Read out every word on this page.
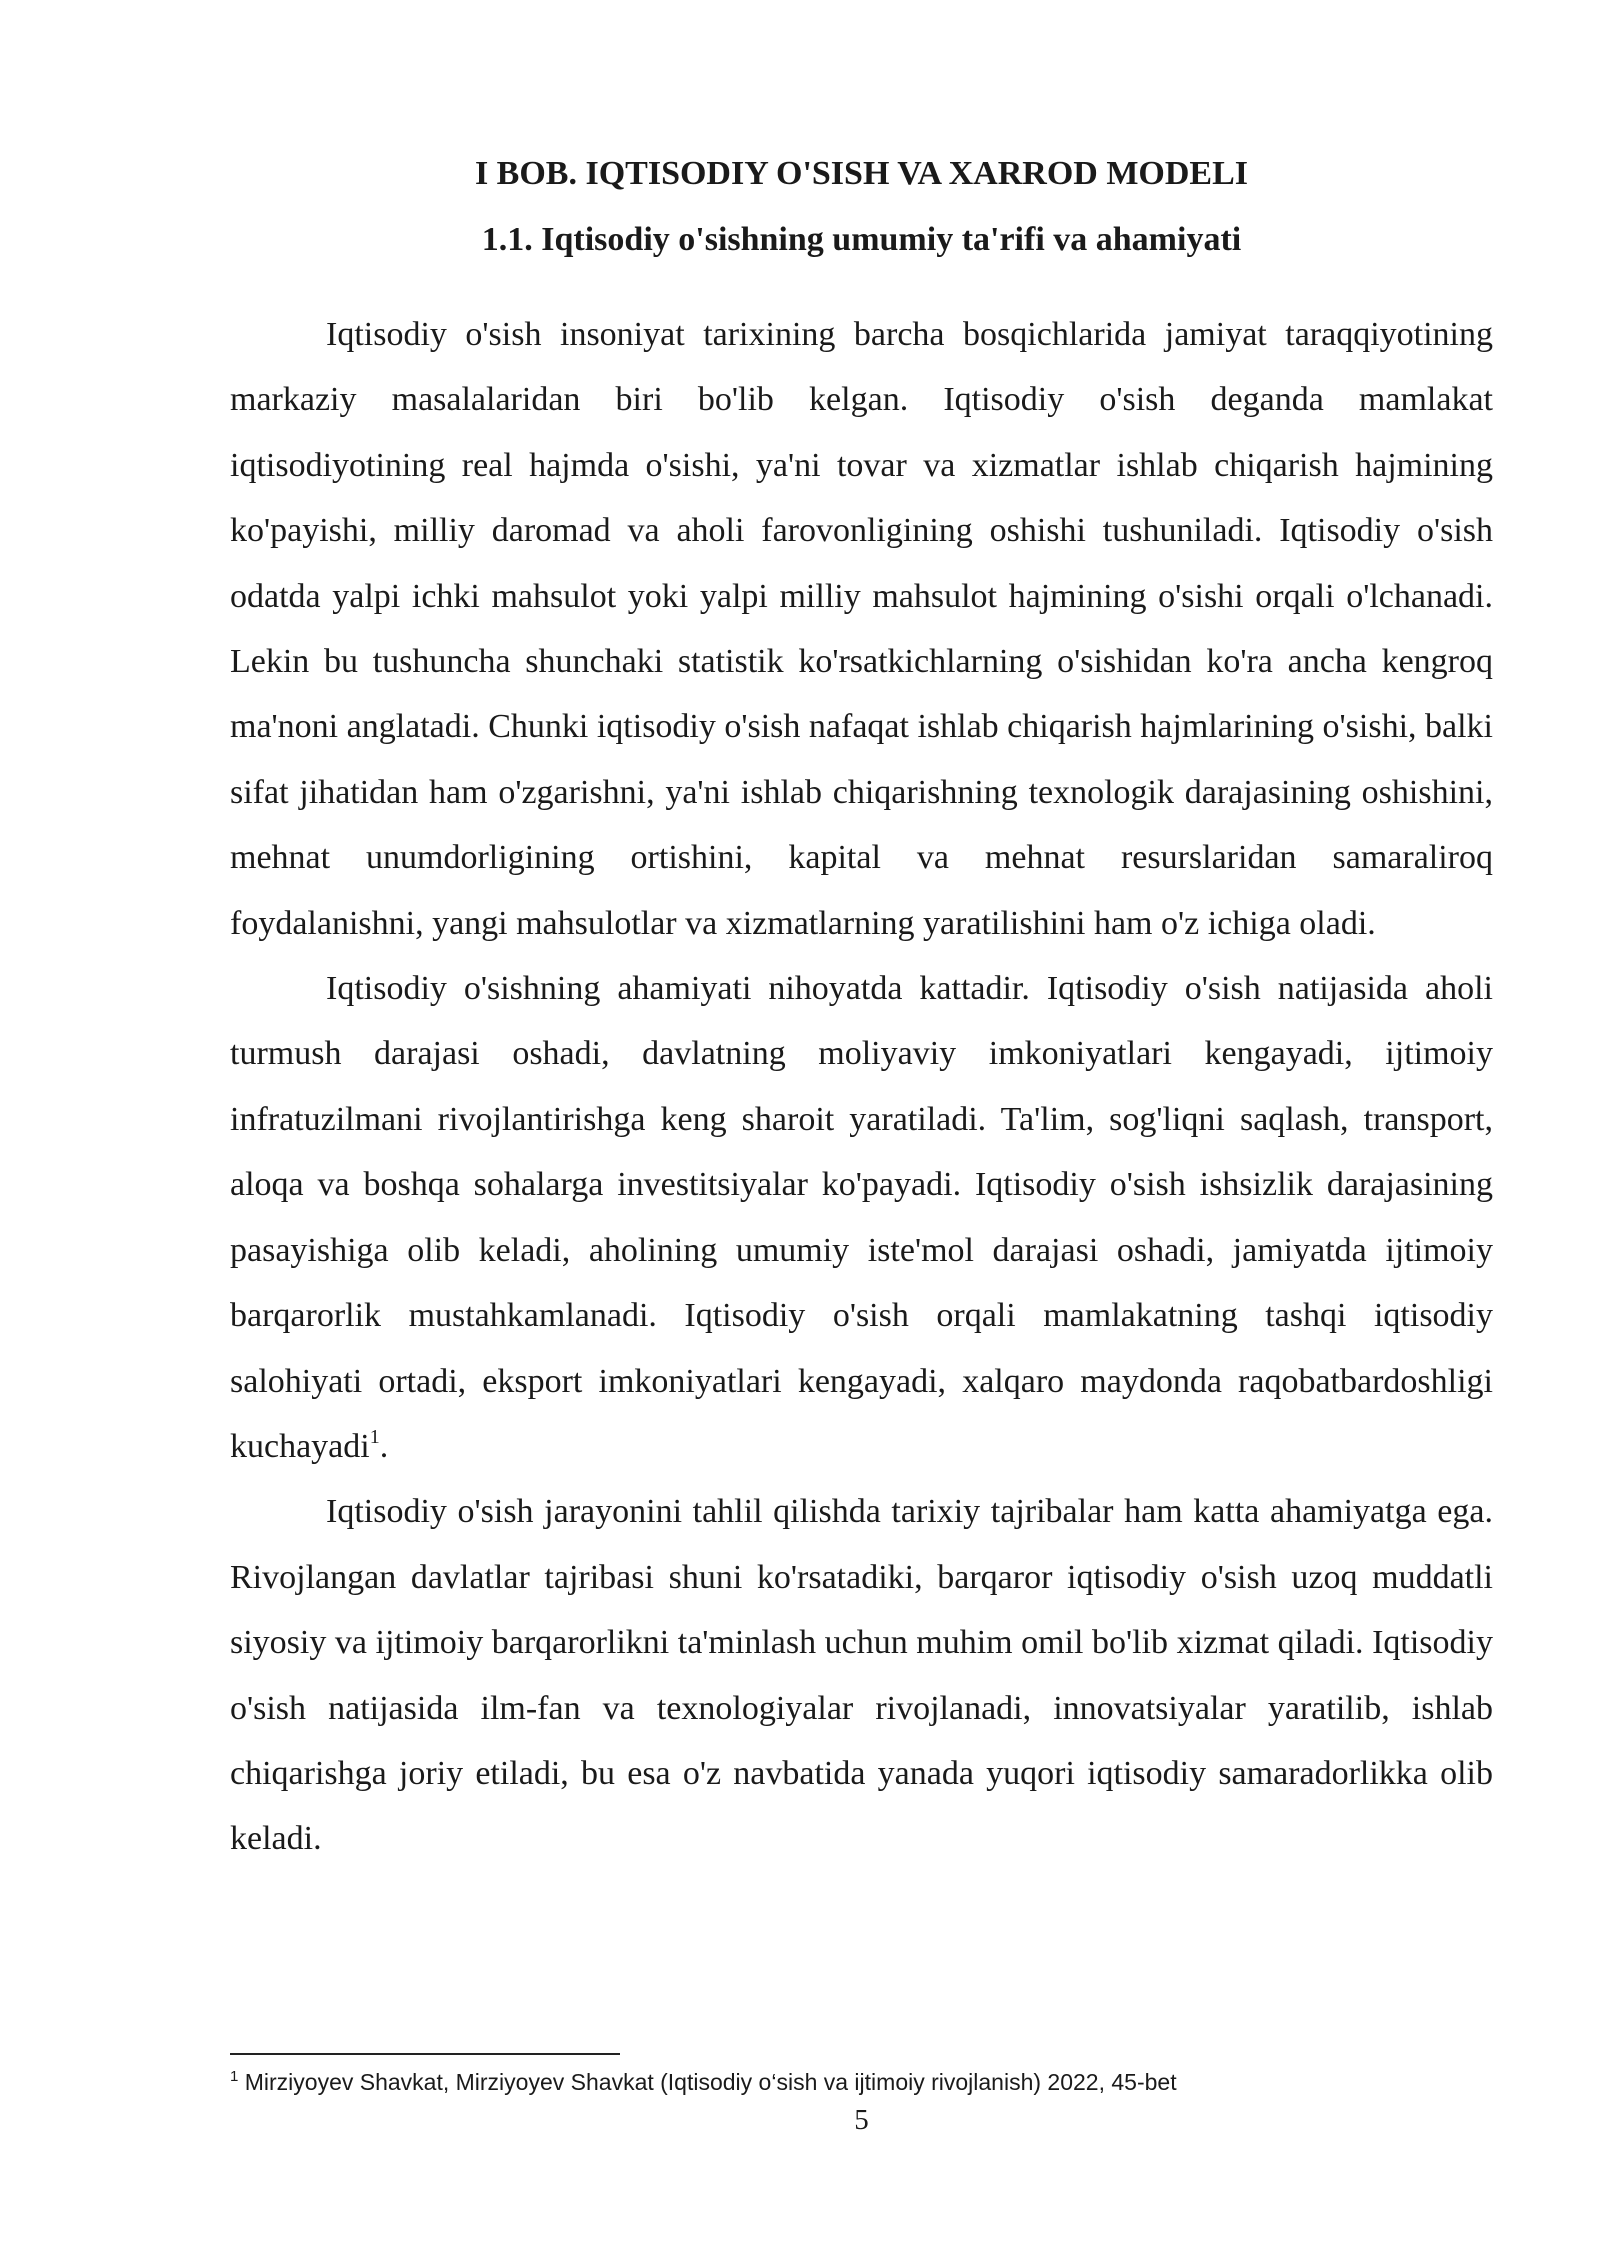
I BOB. IQTISODIY O'SISH VA XARROD MODELI
1.1. Iqtisodiy o'sishning umumiy ta'rifi va ahamiyati

Iqtisodiy o'sish insoniyat tarixining barcha bosqichlarida jamiyat taraqqiyotining markaziy masalalaridan biri bo'lib kelgan. Iqtisodiy o'sish deganda mamlakat iqtisodiyotining real hajmda o'sishi, ya'ni tovar va xizmatlar ishlab chiqarish hajmining ko'payishi, milliy daromad va aholi farovonligining oshishi tushuniladi. Iqtisodiy o'sish odatda yalpi ichki mahsulot yoki yalpi milliy mahsulot hajmining o'sishi orqali o'lchanadi. Lekin bu tushuncha shunchaki statistik ko'rsatkichlarning o'sishidan ko'ra ancha kengroq ma'noni anglatadi. Chunki iqtisodiy o'sish nafaqat ishlab chiqarish hajmlarining o'sishi, balki sifat jihatidan ham o'zgarishni, ya'ni ishlab chiqarishning texnologik darajasining oshishini, mehnat unumdorligining ortishini, kapital va mehnat resurslaridan samaraliroq foydalanishni, yangi mahsulotlar va xizmatlarning yaratilishini ham o'z ichiga oladi.

Iqtisodiy o'sishning ahamiyati nihoyatda kattadir. Iqtisodiy o'sish natijasida aholi turmush darajasi oshadi, davlatning moliyaviy imkoniyatlari kengayadi, ijtimoiy infratuzilmani rivojlantirishga keng sharoit yaratiladi. Ta'lim, sog'liqni saqlash, transport, aloqa va boshqa sohalarga investitsiyalar ko'payadi. Iqtisodiy o'sish ishsizlik darajasining pasayishiga olib keladi, aholining umumiy iste'mol darajasi oshadi, jamiyatda ijtimoiy barqarorlik mustahkamlanadi. Iqtisodiy o'sish orqali mamlakatning tashqi iqtisodiy salohiyati ortadi, eksport imkoniyatlari kengayadi, xalqaro maydonda raqobatbardoshligi kuchayadi$^1$.

Iqtisodiy o'sish jarayonini tahlil qilishda tarixiy tajribalar ham katta ahamiyatga ega. Rivojlangan davlatlar tajribasi shuni ko'rsatadiki, barqaror iqtisodiy o'sish uzoq muddatli siyosiy va ijtimoiy barqarorlikni ta'minlash uchun muhim omil bo'lib xizmat qiladi. Iqtisodiy o'sish natijasida ilm-fan va texnologiyalar rivojlanadi, innovatsiyalar yaratilib, ishlab chiqarishga joriy etiladi, bu esa o'z navbatida yanada yuqori iqtisodiy samaradorlikka olib keladi.

$^1$ Mirziyoyev Shavkat, Mirziyoyev Shavkat (Iqtisodiy o‘sish va ijtimoiy rivojlanish) 2022, 45-bet

5
